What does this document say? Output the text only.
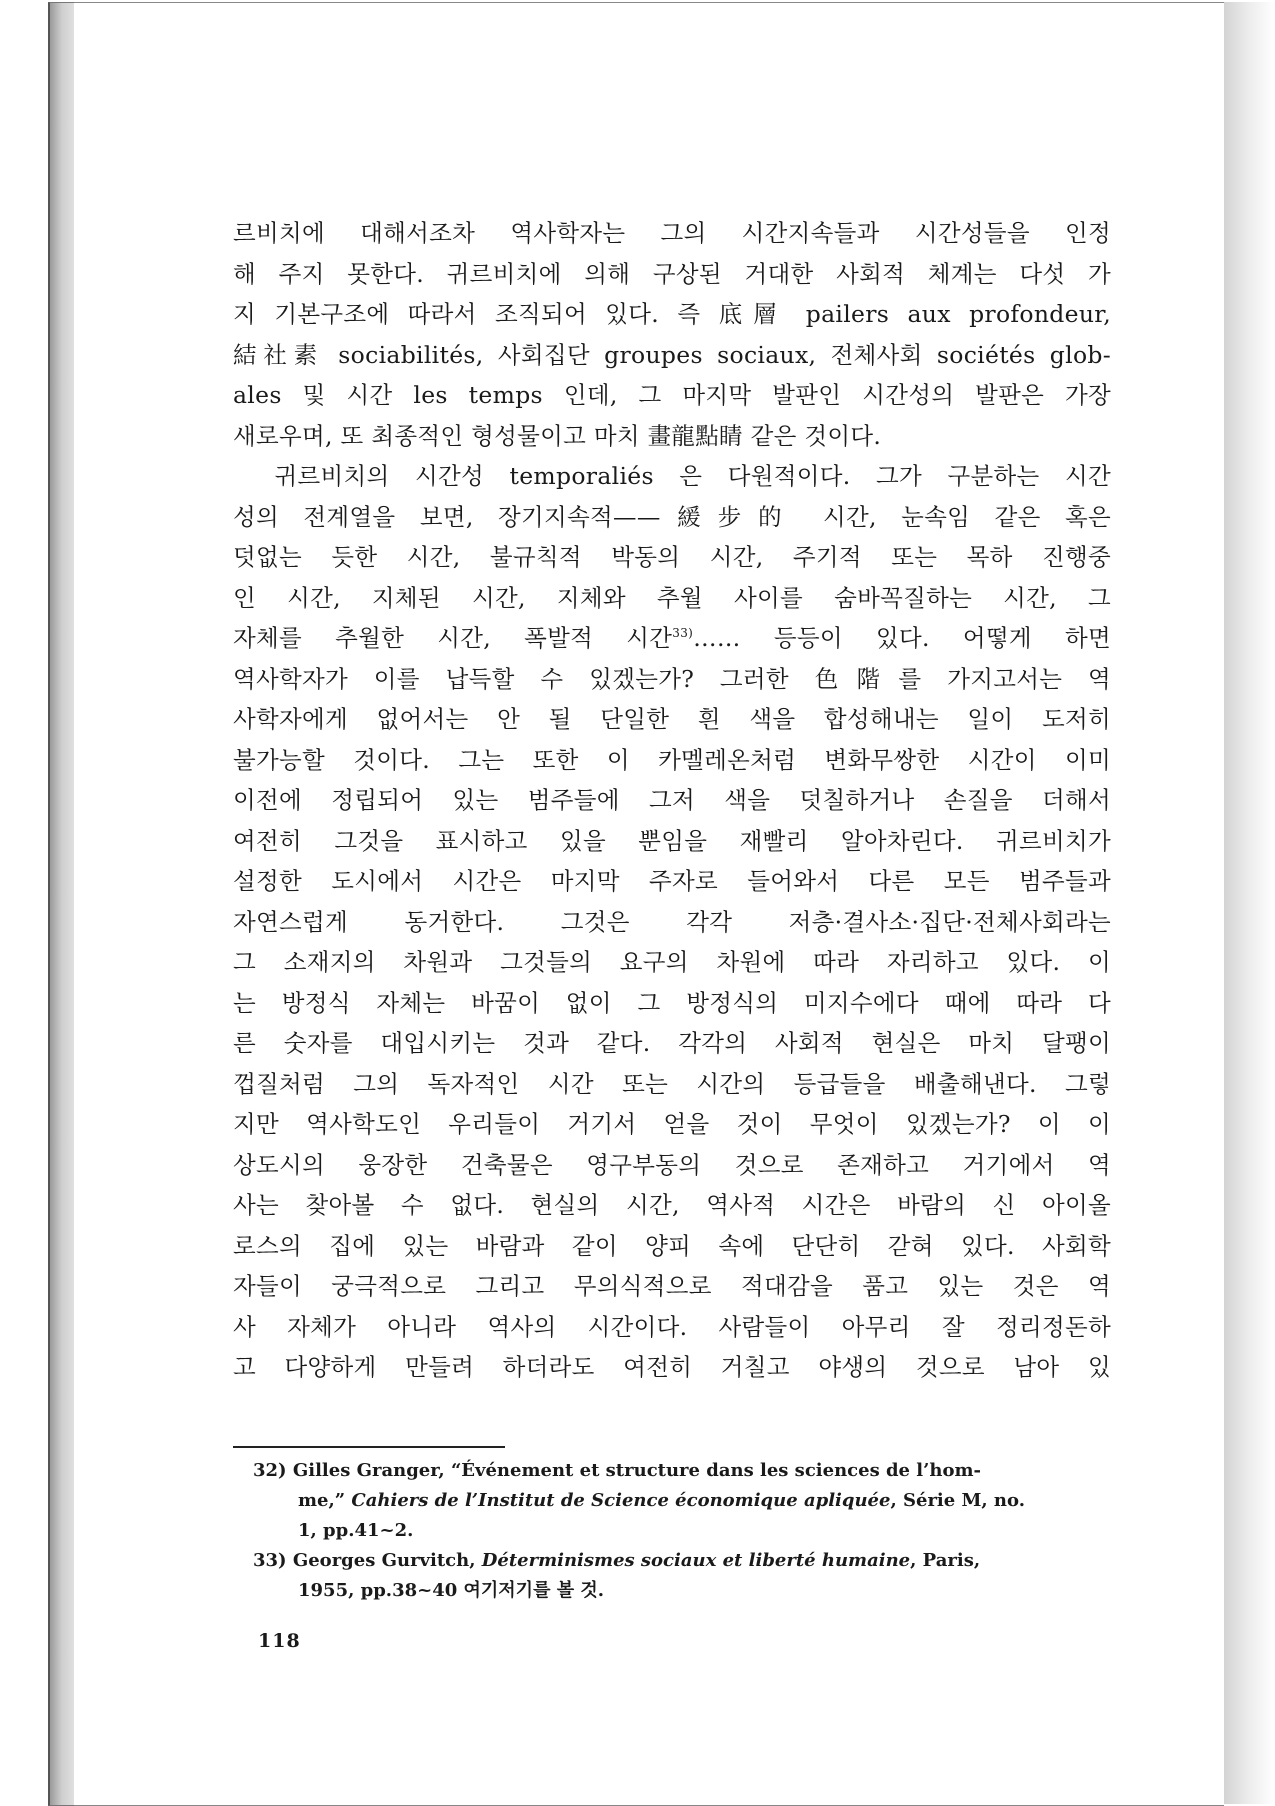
르비치에 대해서조차 역사학자는 그의 시간지속들과 시간성들을 인정
해 주지 못한다. 귀르비치에 의해 구상된 거대한 사회적 체계는 다섯 가
지 기본구조에 따라서 조직되어 있다. 즉 底層 pailers aux profondeur,
結社素 sociabilités, 사회집단 groupes sociaux, 전체사회 sociétés glob-
ales 및 시간 les temps 인데, 그 마지막 발판인 시간성의 발판은 가장
새로우며, 또 최종적인 형성물이고 마치 畫龍點睛 같은 것이다.
　귀르비치의 시간성 temporaliés 은 다원적이다. 그가 구분하는 시간
성의 전계열을 보면, 장기지속적——緩步的 시간, 눈속임 같은 혹은
덧없는 듯한 시간, 불규칙적 박동의 시간, 주기적 또는 목하 진행중
인 시간, 지체된 시간, 지체와 추월 사이를 숨바꼭질하는 시간, 그
자체를 추월한 시간, 폭발적 시간$^{33)}$…… 등등이 있다. 어떻게 하면
역사학자가 이를 납득할 수 있겠는가? 그러한 色階를 가지고서는 역
사학자에게 없어서는 안 될 단일한 흰 색을 합성해내는 일이 도저히
불가능할 것이다. 그는 또한 이 카멜레온처럼 변화무쌍한 시간이 이미
이전에 정립되어 있는 범주들에 그저 색을 덧칠하거나 손질을 더해서
여전히 그것을 표시하고 있을 뿐임을 재빨리 알아차린다. 귀르비치가
설정한 도시에서 시간은 마지막 주자로 들어와서 다른 모든 범주들과
자연스럽게 동거한다. 그것은 각각 저층·결사소·집단·전체사회라는
그 소재지의 차원과 그것들의 요구의 차원에 따라 자리하고 있다. 이
는 방정식 자체는 바꿈이 없이 그 방정식의 미지수에다 때에 따라 다
른 숫자를 대입시키는 것과 같다. 각각의 사회적 현실은 마치 달팽이
껍질처럼 그의 독자적인 시간 또는 시간의 등급들을 배출해낸다. 그렇
지만 역사학도인 우리들이 거기서 얻을 것이 무엇이 있겠는가? 이 이
상도시의 웅장한 건축물은 영구부동의 것으로 존재하고 거기에서 역
사는 찾아볼 수 없다. 현실의 시간, 역사적 시간은 바람의 신 아이올
로스의 집에 있는 바람과 같이 양피 속에 단단히 갇혀 있다. 사회학
자들이 궁극적으로 그리고 무의식적으로 적대감을 품고 있는 것은 역
사 자체가 아니라 역사의 시간이다. 사람들이 아무리 잘 정리정돈하
고 다양하게 만들려 하더라도 여전히 거칠고 야생의 것으로 남아 있
32) Gilles Granger, “Événement et structure dans les sciences de l’hom-
me,” Cahiers de l’Institut de Science économique apliquée, Série M, no.
1, pp.41~2.
33) Georges Gurvitch, Déterminismes sociaux et liberté humaine, Paris,
1955, pp.38~40 여기저기를 볼 것.
118
